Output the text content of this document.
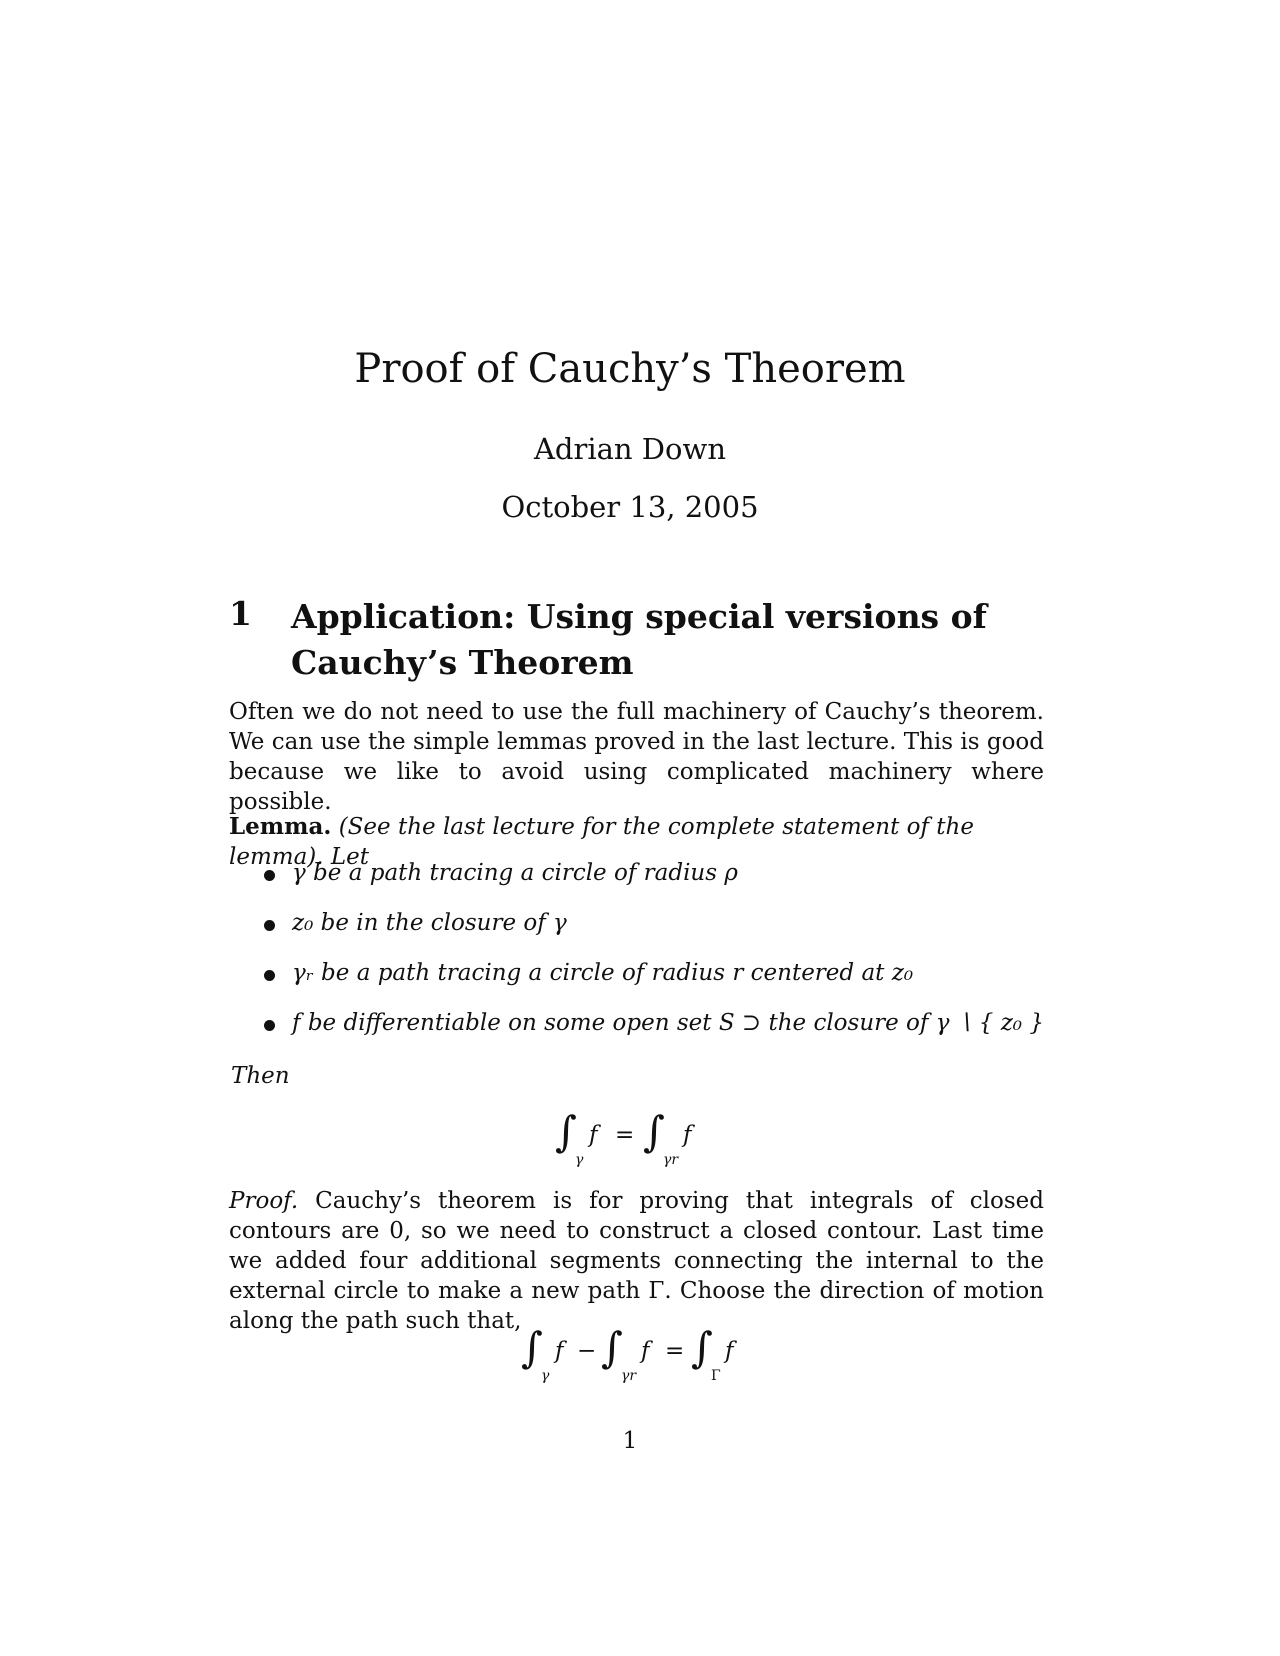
Proof of Cauchy’s Theorem
Adrian Down
October 13, 2005
1 Application: Using special versions of Cauchy’s Theorem

Often we do not need to use the full machinery of Cauchy’s theorem. We can use the simple lemmas proved in the last lecture. This is good because we like to avoid using complicated machinery where possible.

Lemma. (See the last lecture for the complete statement of the lemma). Let
γ be a path tracing a circle of radius ρ
z₀ be in the closure of γ
γᵣ be a path tracing a circle of radius r centered at z₀
f be differentiable on some open set S ⊃ the closure of γ ∖ { z₀ }
Then
∫
γ
f = ∫
γr
f

Proof. Cauchy’s theorem is for proving that integrals of closed contours are 0, so we need to construct a closed contour. Last time we added four additional segments connecting the internal to the external circle to make a new path Γ. Choose the direction of motion along the path such that,

∫
γ
f − ∫
γr
f = ∫
Γ
f
1
